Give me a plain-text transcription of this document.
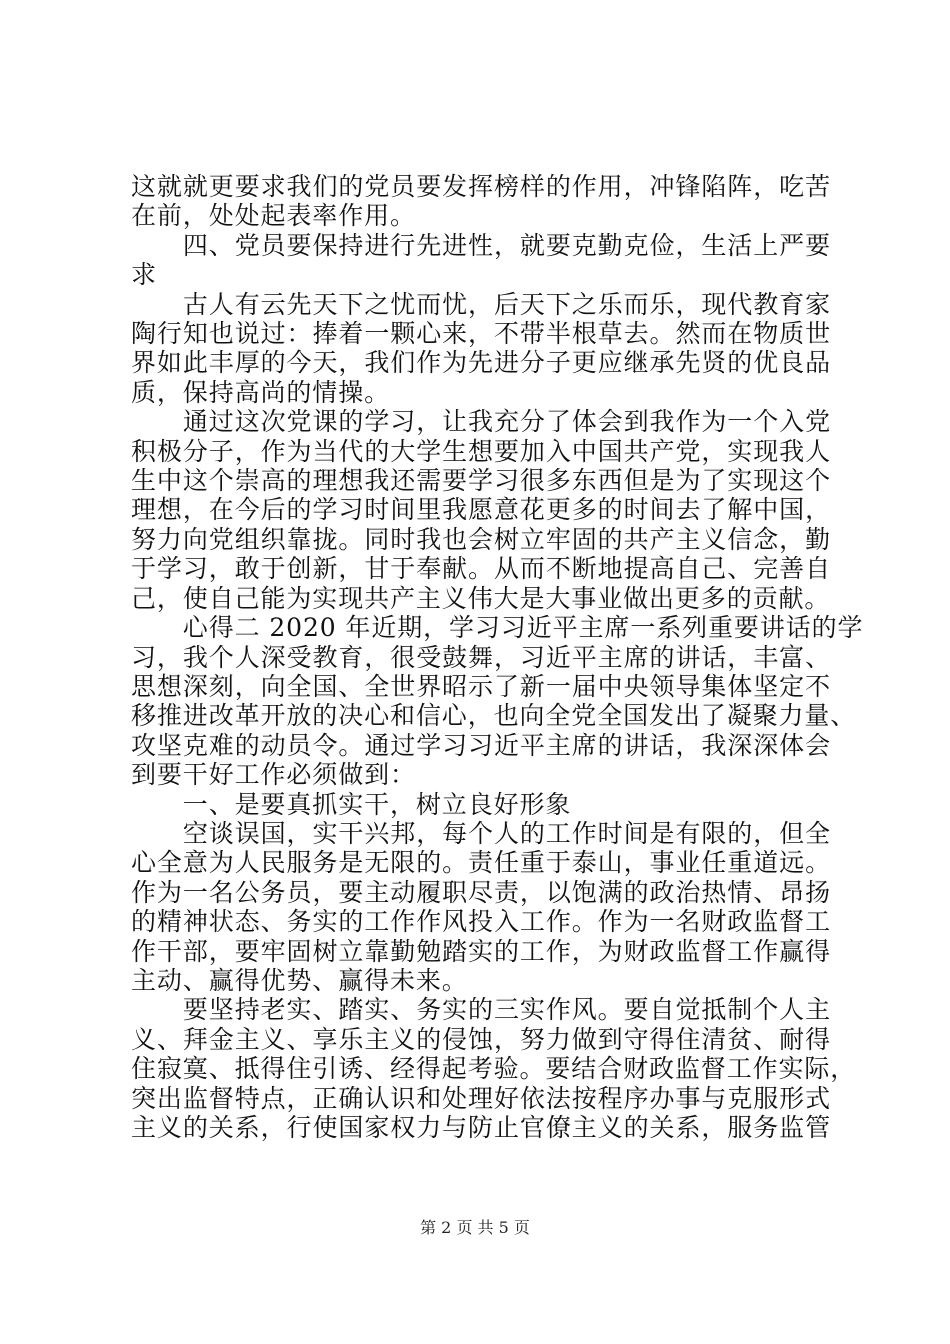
这就就更要求我们的党员要发挥榜样的作用，冲锋陷阵，吃苦
在前，处处起表率作用。
　　四、党员要保持进行先进性，就要克勤克俭，生活上严要
求
　　古人有云先天下之忧而忧，后天下之乐而乐，现代教育家
陶行知也说过：捧着一颗心来，不带半根草去。然而在物质世
界如此丰厚的今天，我们作为先进分子更应继承先贤的优良品
质，保持高尚的情操。
　　通过这次党课的学习，让我充分了体会到我作为一个入党
积极分子，作为当代的大学生想要加入中国共产党，实现我人
生中这个崇高的理想我还需要学习很多东西但是为了实现这个
理想，在今后的学习时间里我愿意花更多的时间去了解中国，
努力向党组织靠拢。同时我也会树立牢固的共产主义信念，勤
于学习，敢于创新，甘于奉献。从而不断地提高自己、完善自
己，使自己能为实现共产主义伟大是大事业做出更多的贡献。
　　心得二 2020 年近期，学习习近平主席一系列重要讲话的学
习，我个人深受教育，很受鼓舞，习近平主席的讲话，丰富、
思想深刻，向全国、全世界昭示了新一届中央领导集体坚定不
移推进改革开放的决心和信心，也向全党全国发出了凝聚力量、
攻坚克难的动员令。通过学习习近平主席的讲话，我深深体会
到要干好工作必须做到：
　　一、是要真抓实干，树立良好形象
　　空谈误国，实干兴邦，每个人的工作时间是有限的，但全
心全意为人民服务是无限的。责任重于泰山，事业任重道远。
作为一名公务员，要主动履职尽责，以饱满的政治热情、昂扬
的精神状态、务实的工作作风投入工作。作为一名财政监督工
作干部，要牢固树立靠勤勉踏实的工作，为财政监督工作赢得
主动、赢得优势、赢得未来。
　　要坚持老实、踏实、务实的三实作风。要自觉抵制个人主
义、拜金主义、享乐主义的侵蚀，努力做到守得住清贫、耐得
住寂寞、抵得住引诱、经得起考验。要结合财政监督工作实际，
突出监督特点，正确认识和处理好依法按程序办事与克服形式
主义的关系，行使国家权力与防止官僚主义的关系，服务监管
第 2 页 共 5 页
